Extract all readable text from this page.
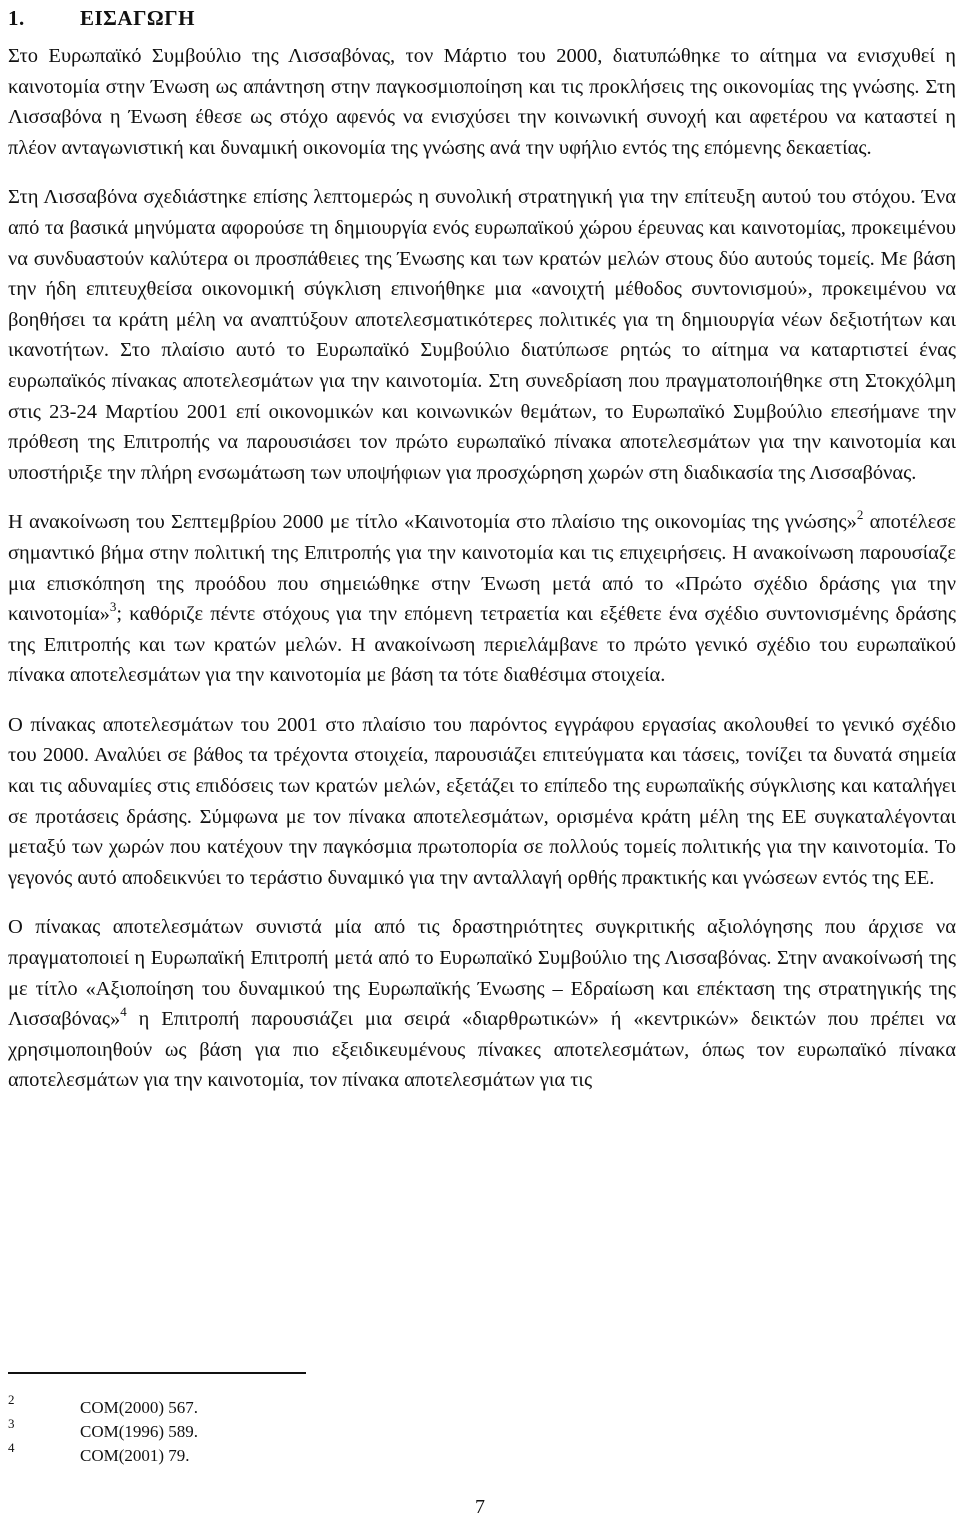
1.	ΕΙΣΑΓΩΓΗ

Στο Ευρωπαϊκό Συμβούλιο της Λισσαβόνας, τον Μάρτιο του 2000, διατυπώθηκε το αίτημα να ενισχυθεί η καινοτομία στην Ένωση ως απάντηση στην παγκοσμιοποίηση και τις προκλήσεις της οικονομίας της γνώσης. Στη Λισσαβόνα η Ένωση έθεσε ως στόχο αφενός να ενισχύσει την κοινωνική συνοχή και αφετέρου να καταστεί η πλέον ανταγωνιστική και δυναμική οικονομία της γνώσης ανά την υφήλιο εντός της επόμενης δεκαετίας.

Στη Λισσαβόνα σχεδιάστηκε επίσης λεπτομερώς η συνολική στρατηγική για την επίτευξη αυτού του στόχου. Ένα από τα βασικά μηνύματα αφορούσε τη δημιουργία ενός ευρωπαϊκού χώρου έρευνας και καινοτομίας, προκειμένου να συνδυαστούν καλύτερα οι προσπάθειες της Ένωσης και των κρατών μελών στους δύο αυτούς τομείς. Με βάση την ήδη επιτευχθείσα οικονομική σύγκλιση επινοήθηκε μια «ανοιχτή μέθοδος συντονισμού», προκειμένου να βοηθήσει τα κράτη μέλη να αναπτύξουν αποτελεσματικότερες πολιτικές για τη δημιουργία νέων δεξιοτήτων και ικανοτήτων. Στο πλαίσιο αυτό το Ευρωπαϊκό Συμβούλιο διατύπωσε ρητώς το αίτημα να καταρτιστεί ένας ευρωπαϊκός πίνακας αποτελεσμάτων για την καινοτομία. Στη συνεδρίαση που πραγματοποιήθηκε στη Στοκχόλμη στις 23-24 Μαρτίου 2001 επί οικονομικών και κοινωνικών θεμάτων, το Ευρωπαϊκό Συμβούλιο επεσήμανε την πρόθεση της Επιτροπής να παρουσιάσει τον πρώτο ευρωπαϊκό πίνακα αποτελεσμάτων για την καινοτομία και υποστήριξε την πλήρη ενσωμάτωση των υποψήφιων για προσχώρηση χωρών στη διαδικασία της Λισσαβόνας.

Η ανακοίνωση του Σεπτεμβρίου 2000 με τίτλο «Καινοτομία στο πλαίσιο της οικονομίας της γνώσης»$^2$ αποτέλεσε σημαντικό βήμα στην πολιτική της Επιτροπής για την καινοτομία και τις επιχειρήσεις. Η ανακοίνωση παρουσίαζε μια επισκόπηση της προόδου που σημειώθηκε στην Ένωση μετά από το «Πρώτο σχέδιο δράσης για την καινοτομία»$^3$; καθόριζε πέντε στόχους για την επόμενη τετραετία και εξέθετε ένα σχέδιο συντονισμένης δράσης της Επιτροπής και των κρατών μελών. Η ανακοίνωση περιελάμβανε το πρώτο γενικό σχέδιο του ευρωπαϊκού πίνακα αποτελεσμάτων για την καινοτομία με βάση τα τότε διαθέσιμα στοιχεία.

Ο πίνακας αποτελεσμάτων του 2001 στο πλαίσιο του παρόντος εγγράφου εργασίας ακολουθεί το γενικό σχέδιο του 2000. Αναλύει σε βάθος τα τρέχοντα στοιχεία, παρουσιάζει επιτεύγματα και τάσεις, τονίζει τα δυνατά σημεία και τις αδυναμίες στις επιδόσεις των κρατών μελών, εξετάζει το επίπεδο της ευρωπαϊκής σύγκλισης και καταλήγει σε προτάσεις δράσης. Σύμφωνα με τον πίνακα αποτελεσμάτων, ορισμένα κράτη μέλη της ΕΕ συγκαταλέγονται μεταξύ των χωρών που κατέχουν την παγκόσμια πρωτοπορία σε πολλούς τομείς πολιτικής για την καινοτομία. Το γεγονός αυτό αποδεικνύει το τεράστιο δυναμικό για την ανταλλαγή ορθής πρακτικής και γνώσεων εντός της ΕΕ.

Ο πίνακας αποτελεσμάτων συνιστά μία από τις δραστηριότητες συγκριτικής αξιολόγησης που άρχισε να πραγματοποιεί η Ευρωπαϊκή Επιτροπή μετά από το Ευρωπαϊκό Συμβούλιο της Λισσαβόνας. Στην ανακοίνωσή της με τίτλο «Αξιοποίηση του δυναμικού της Ευρωπαϊκής Ένωσης – Εδραίωση και επέκταση της στρατηγικής της Λισσαβόνας»$^4$ η Επιτροπή παρουσιάζει μια σειρά «διαρθρωτικών» ή «κεντρικών» δεικτών που πρέπει να χρησιμοποιηθούν ως βάση για πιο εξειδικευμένους πίνακες αποτελεσμάτων, όπως τον ευρωπαϊκό πίνακα αποτελεσμάτων για την καινοτομία, τον πίνακα αποτελεσμάτων για τις

2	COM(2000) 567.
3	COM(1996) 589.
4	COM(2001) 79.
7
